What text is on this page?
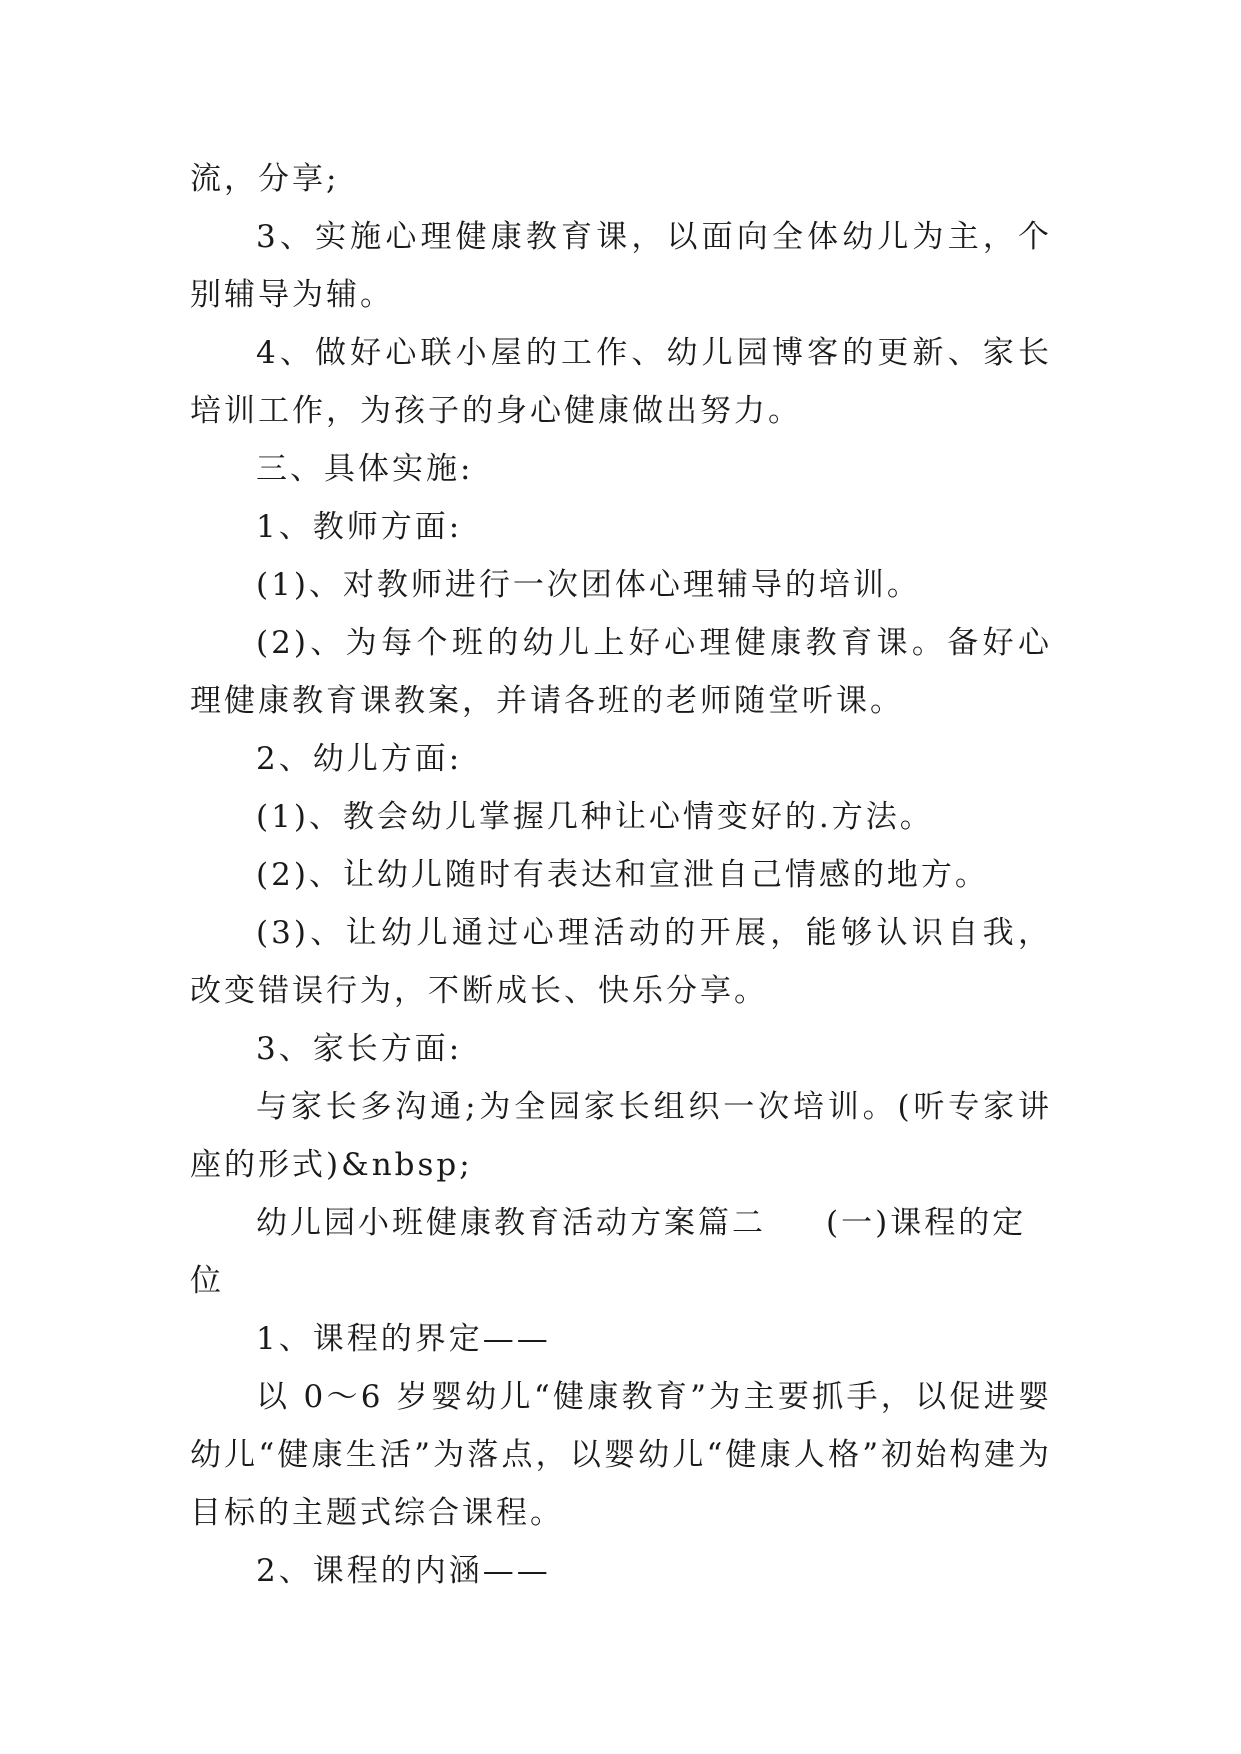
流，分享;

3、实施心理健康教育课，以面向全体幼儿为主，个别辅导为辅。

4、做好心联小屋的工作、幼儿园博客的更新、家长培训工作，为孩子的身心健康做出努力。

三、具体实施:

1、教师方面:

(1)、对教师进行一次团体心理辅导的培训。

(2)、为每个班的幼儿上好心理健康教育课。备好心理健康教育课教案，并请各班的老师随堂听课。

2、幼儿方面:

(1)、教会幼儿掌握几种让心情变好的.方法。

(2)、让幼儿随时有表达和宣泄自己情感的地方。

(3)、让幼儿通过心理活动的开展，能够认识自我，改变错误行为，不断成长、快乐分享。

3、家长方面:

与家长多沟通;为全园家长组织一次培训。(听专家讲座的形式)&nbsp;

幼儿园小班健康教育活动方案篇二 (一)课程的定位

1、课程的界定——

以 0～6 岁婴幼儿“健康教育”为主要抓手，以促进婴幼儿“健康生活”为落点，以婴幼儿“健康人格”初始构建为目标的主题式综合课程。

2、课程的内涵——
